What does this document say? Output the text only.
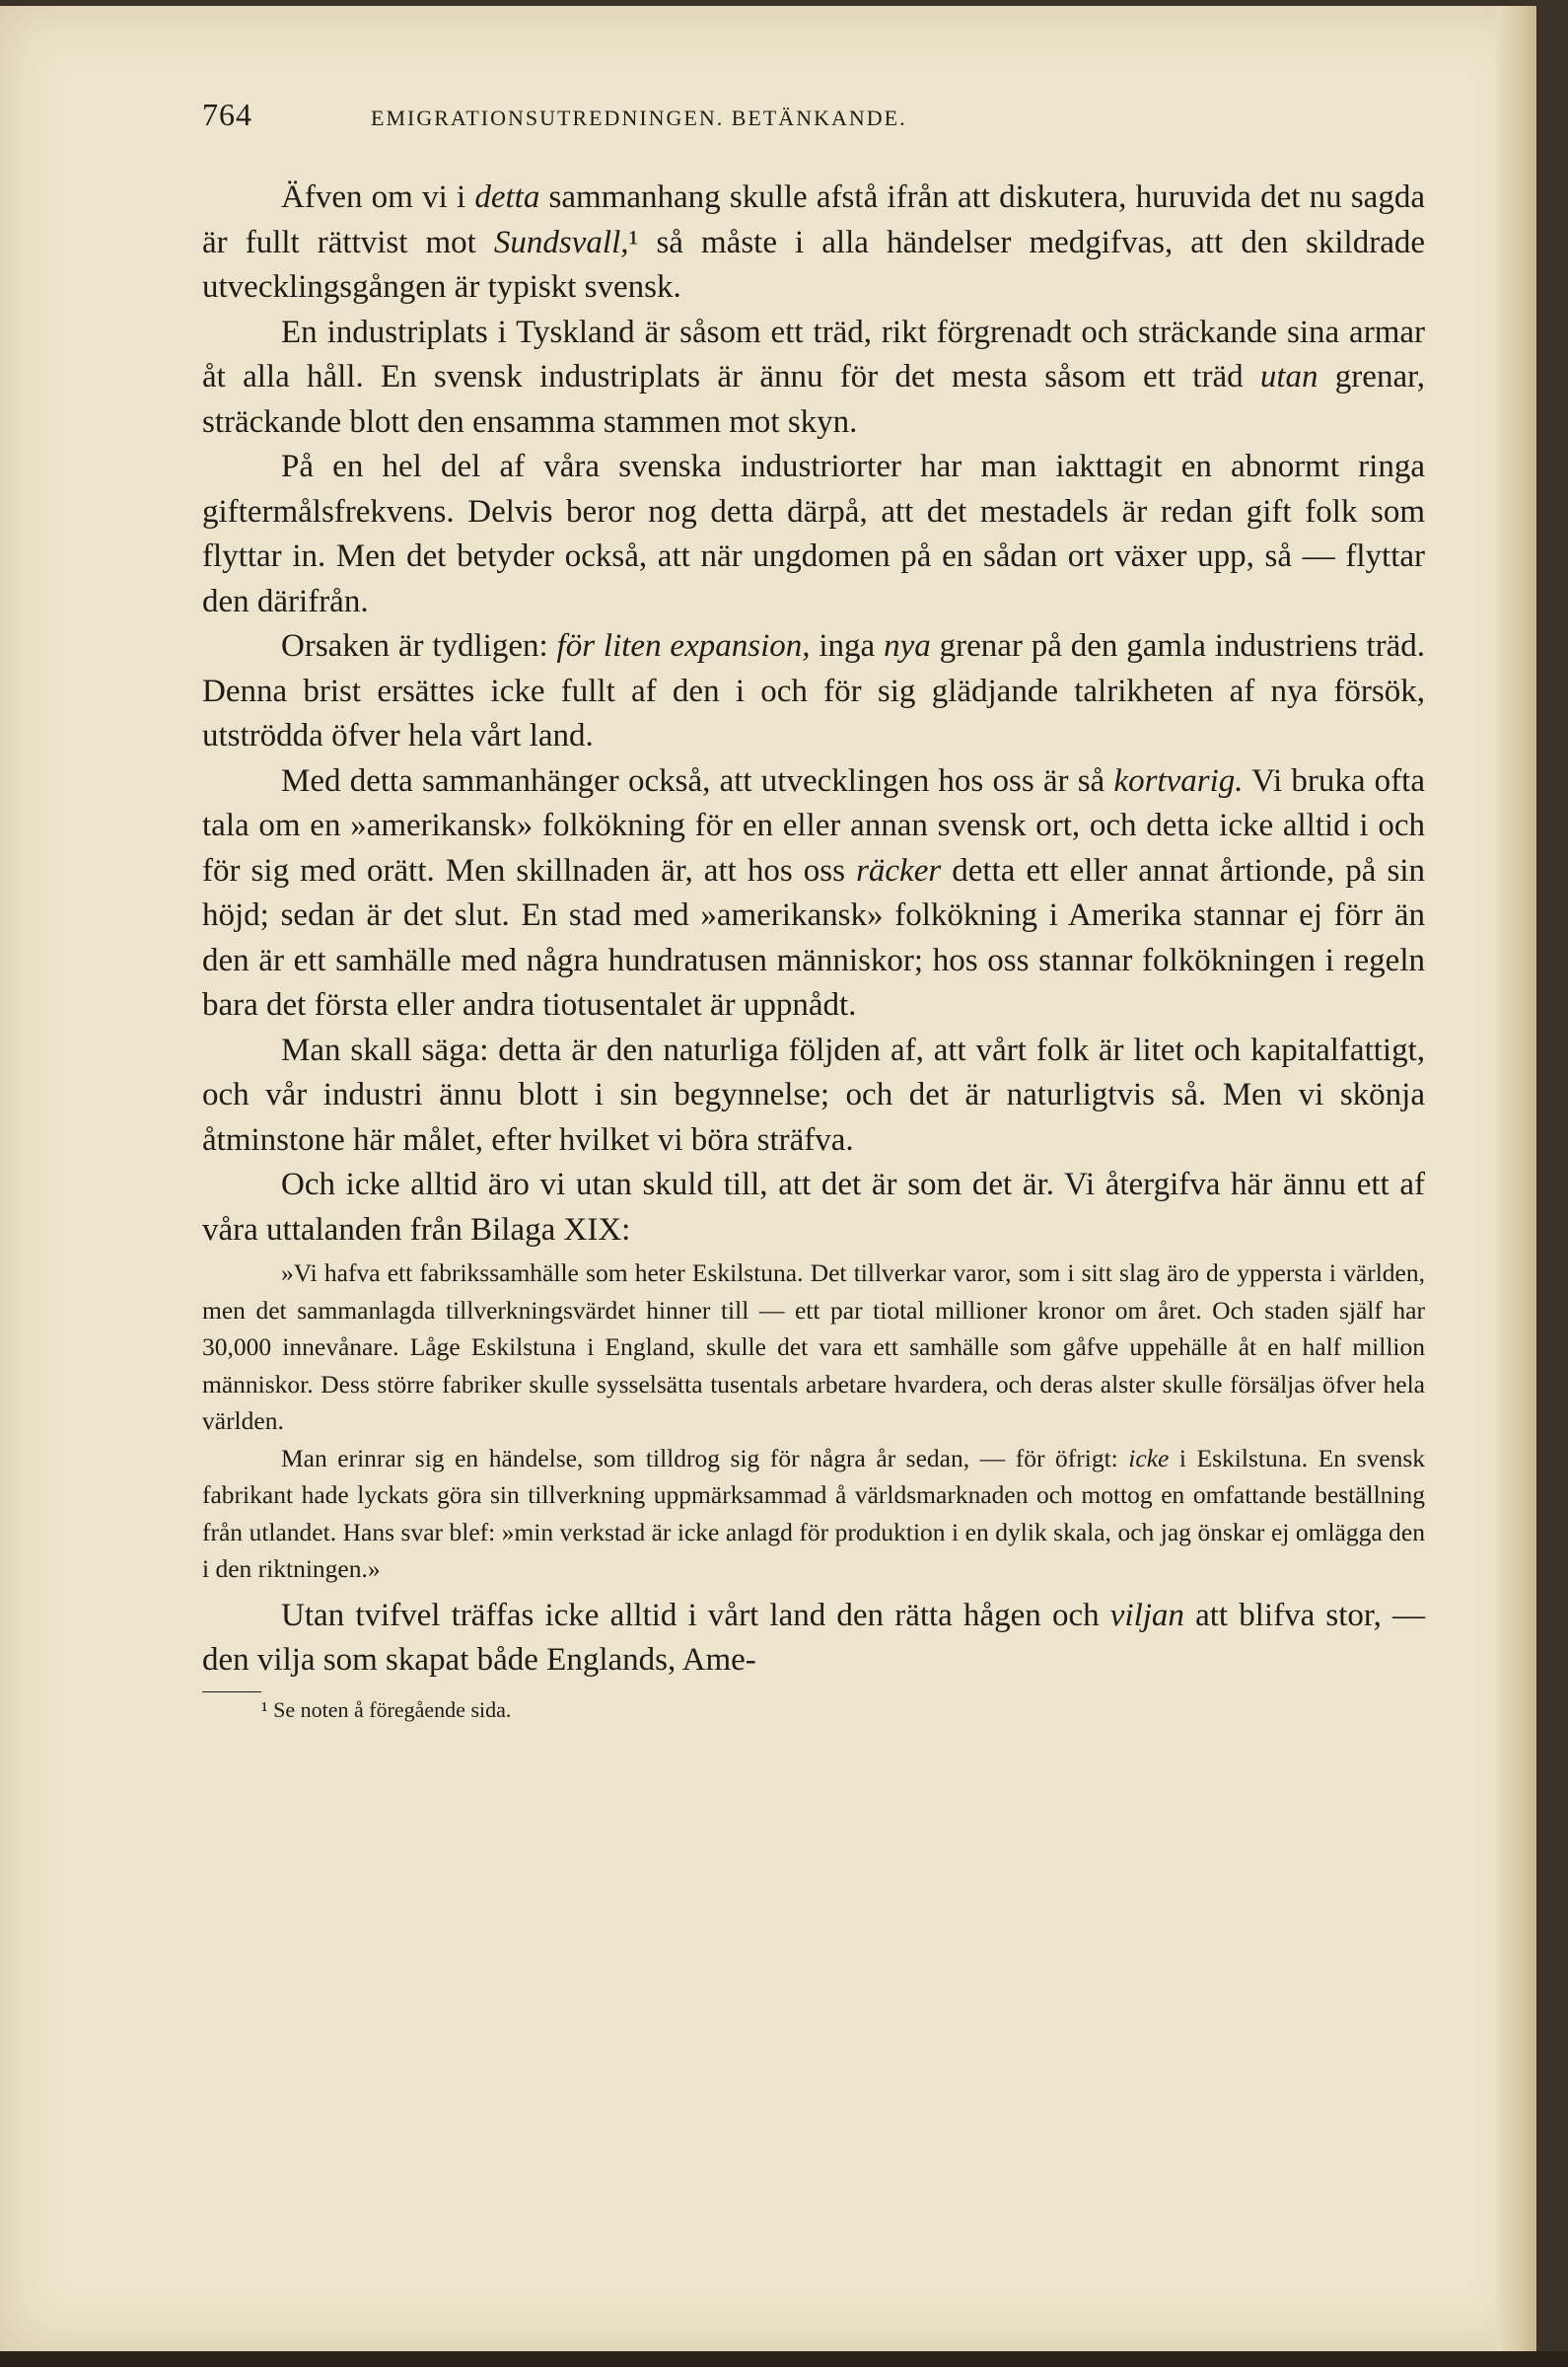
764	EMIGRATIONSUTREDNINGEN. BETÄNKANDE.

Äfven om vi i detta sammanhang skulle afstå ifrån att diskutera, huruvida det nu sagda är fullt rättvist mot Sundsvall,¹ så måste i alla händelser medgifvas, att den skildrade utvecklingsgången är typiskt svensk.

En industriplats i Tyskland är såsom ett träd, rikt förgrenadt och sträckande sina armar åt alla håll. En svensk industriplats är ännu för det mesta såsom ett träd utan grenar, sträckande blott den ensamma stammen mot skyn.

På en hel del af våra svenska industriorter har man iakttagit en abnormt ringa giftermålsfrekvens. Delvis beror nog detta därpå, att det mestadels är redan gift folk som flyttar in. Men det betyder också, att när ungdomen på en sådan ort växer upp, så — flyttar den därifrån.

Orsaken är tydligen: för liten expansion, inga nya grenar på den gamla industriens träd. Denna brist ersättes icke fullt af den i och för sig glädjande talrikheten af nya försök, utströdda öfver hela vårt land.

Med detta sammanhänger också, att utvecklingen hos oss är så kortvarig. Vi bruka ofta tala om en »amerikansk» folkökning för en eller annan svensk ort, och detta icke alltid i och för sig med orätt. Men skillnaden är, att hos oss räcker detta ett eller annat årtionde, på sin höjd; sedan är det slut. En stad med »amerikansk» folkökning i Amerika stannar ej förr än den är ett samhälle med några hundratusen människor; hos oss stannar folkökningen i regeln bara det första eller andra tiotusentalet är uppnådt.

Man skall säga: detta är den naturliga följden af, att vårt folk är litet och kapitalfattigt, och vår industri ännu blott i sin begynnelse; och det är naturligtvis så. Men vi skönja åtminstone här målet, efter hvilket vi böra sträfva.

Och icke alltid äro vi utan skuld till, att det är som det är. Vi återgifva här ännu ett af våra uttalanden från Bilaga XIX:

»Vi hafva ett fabrikssamhälle som heter Eskilstuna. Det tillverkar varor, som i sitt slag äro de yppersta i världen, men det sammanlagda tillverkningsvärdet hinner till — ett par tiotal millioner kronor om året. Och staden själf har 30,000 innevånare. Låge Eskilstuna i England, skulle det vara ett samhälle som gåfve uppehälle åt en half million människor. Dess större fabriker skulle sysselsätta tusentals arbetare hvardera, och deras alster skulle försäljas öfver hela världen.

Man erinrar sig en händelse, som tilldrog sig för några år sedan, — för öfrigt: icke i Eskilstuna. En svensk fabrikant hade lyckats göra sin tillverkning uppmärksammad å världsmarknaden och mottog en omfattande beställning från utlandet. Hans svar blef: »min verkstad är icke anlagd för produktion i en dylik skala, och jag önskar ej omlägga den i den riktningen.»

Utan tvifvel träffas icke alltid i vårt land den rätta hågen och viljan att blifva stor, — den vilja som skapat både Englands, Ame-

¹ Se noten å föregående sida.
